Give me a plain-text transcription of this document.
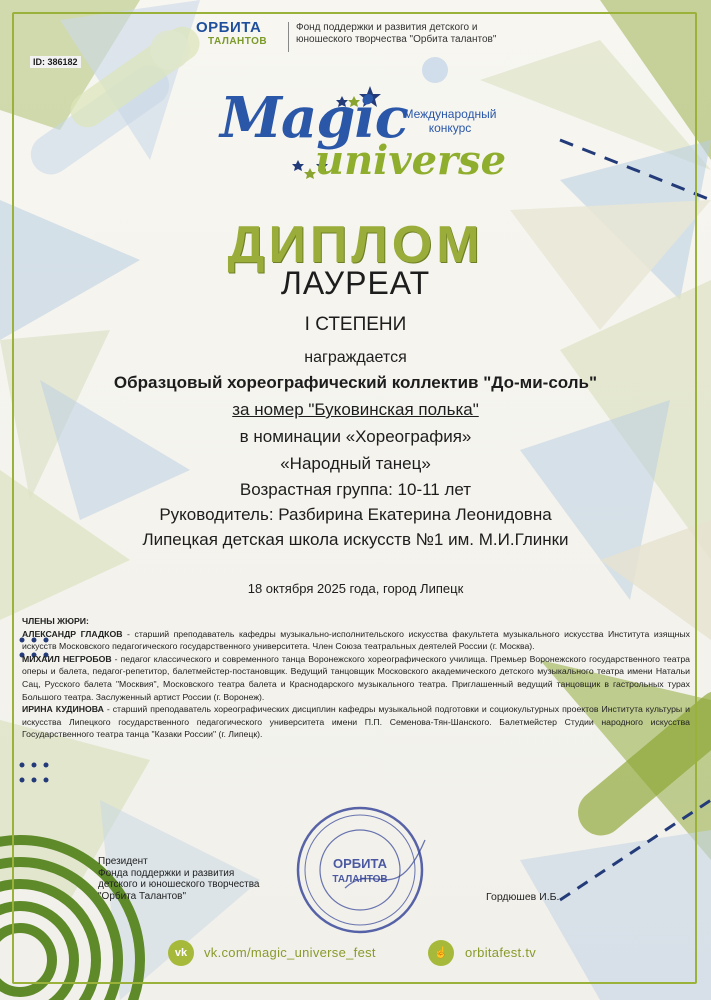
ID: 386182
ОРБИТА
ТАЛАНТОВ
Фонд поддержки и развития детского и юношеского творчества "Орбита талантов"
Magic
universe
Международный конкурс
ДИПЛОМ
ЛАУРЕАТ
I СТЕПЕНИ
награждается
Образцовый хореографический коллектив "До-ми-соль"
за номер "Буковинская полька"
в номинации «Хореография»
«Народный танец»
Возрастная группа: 10-11 лет
Руководитель: Разбирина Екатерина Леонидовна
Липецкая детская школа искусств №1 им. М.И.Глинки
18 октября 2025 года, город Липецк
ЧЛЕНЫ ЖЮРИ:
АЛЕКСАНДР ГЛАДКОВ - старший преподаватель кафедры музыкально-исполнительского искусства факультета музыкального искусства Института изящных искусств Московского педагогического государственного университета. Член Союза театральных деятелей России (г. Москва).
МИХАИЛ НЕГРОБОВ - педагог классического и современного танца Воронежского хореографического училища. Премьер Воронежского государственного театра оперы и балета, педагог-репетитор, балетмейстер-постановщик. Ведущий танцовщик Московского академического детского музыкального театра имени Натальи Сац, Русского балета "Москвия", Московского театра балета и Краснодарского музыкального театра. Приглашенный ведущий танцовщик в гастрольных турах Большого театра. Заслуженный артист России (г. Воронеж).
ИРИНА КУДИНОВА - старший преподаватель хореографических дисциплин кафедры музыкальной подготовки и социокультурных проектов Института культуры и искусства Липецкого государственного педагогического университета имени П.П. Семенова-Тян-Шанского. Балетмейстер Студии народного искусства Государственного театра танца "Казаки России" (г. Липецк).
Президент
Фонда поддержки и развития
детского и юношеского творчества
"Орбита Талантов"
ОРБИТА
ТАЛАНТОВ
Гордюшев И.Б.
vk	vk.com/magic_universe_fest	☝	orbitafest.tv
